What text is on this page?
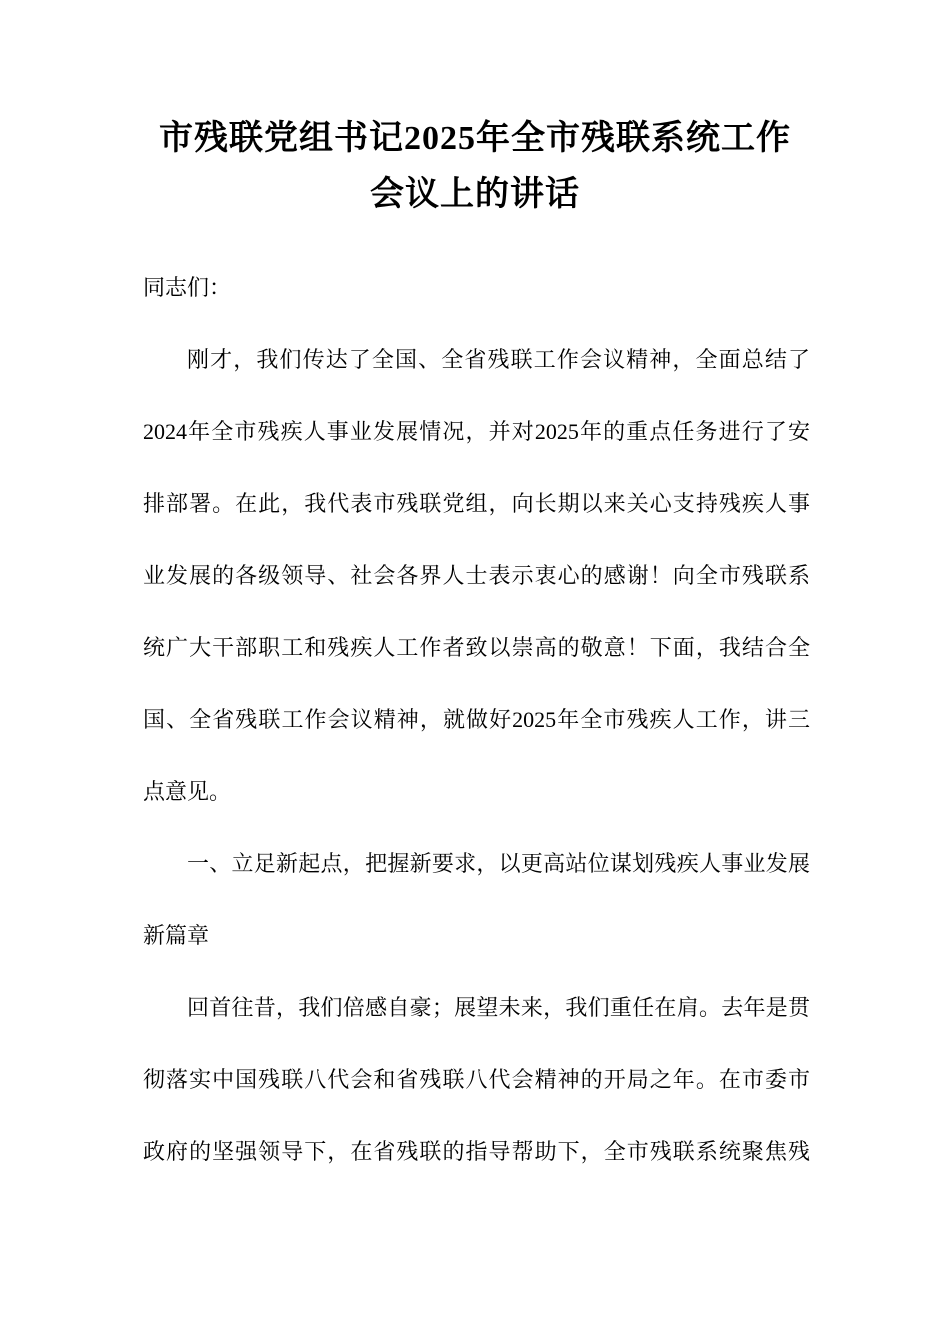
市残联党组书记2025年全市残联系统工作
会议上的讲话
同志们：
刚才，我们传达了全国、全省残联工作会议精神，全面总结了
2024年全市残疾人事业发展情况，并对2025年的重点任务进行了安
排部署。在此，我代表市残联党组，向长期以来关心支持残疾人事
业发展的各级领导、社会各界人士表示衷心的感谢！向全市残联系
统广大干部职工和残疾人工作者致以崇高的敬意！下面，我结合全
国、全省残联工作会议精神，就做好2025年全市残疾人工作，讲三
点意见。
一、立足新起点，把握新要求，以更高站位谋划残疾人事业发展
新篇章
回首往昔，我们倍感自豪；展望未来，我们重任在肩。去年是贯
彻落实中国残联八代会和省残联八代会精神的开局之年。在市委市
政府的坚强领导下，在省残联的指导帮助下，全市残联系统聚焦残
